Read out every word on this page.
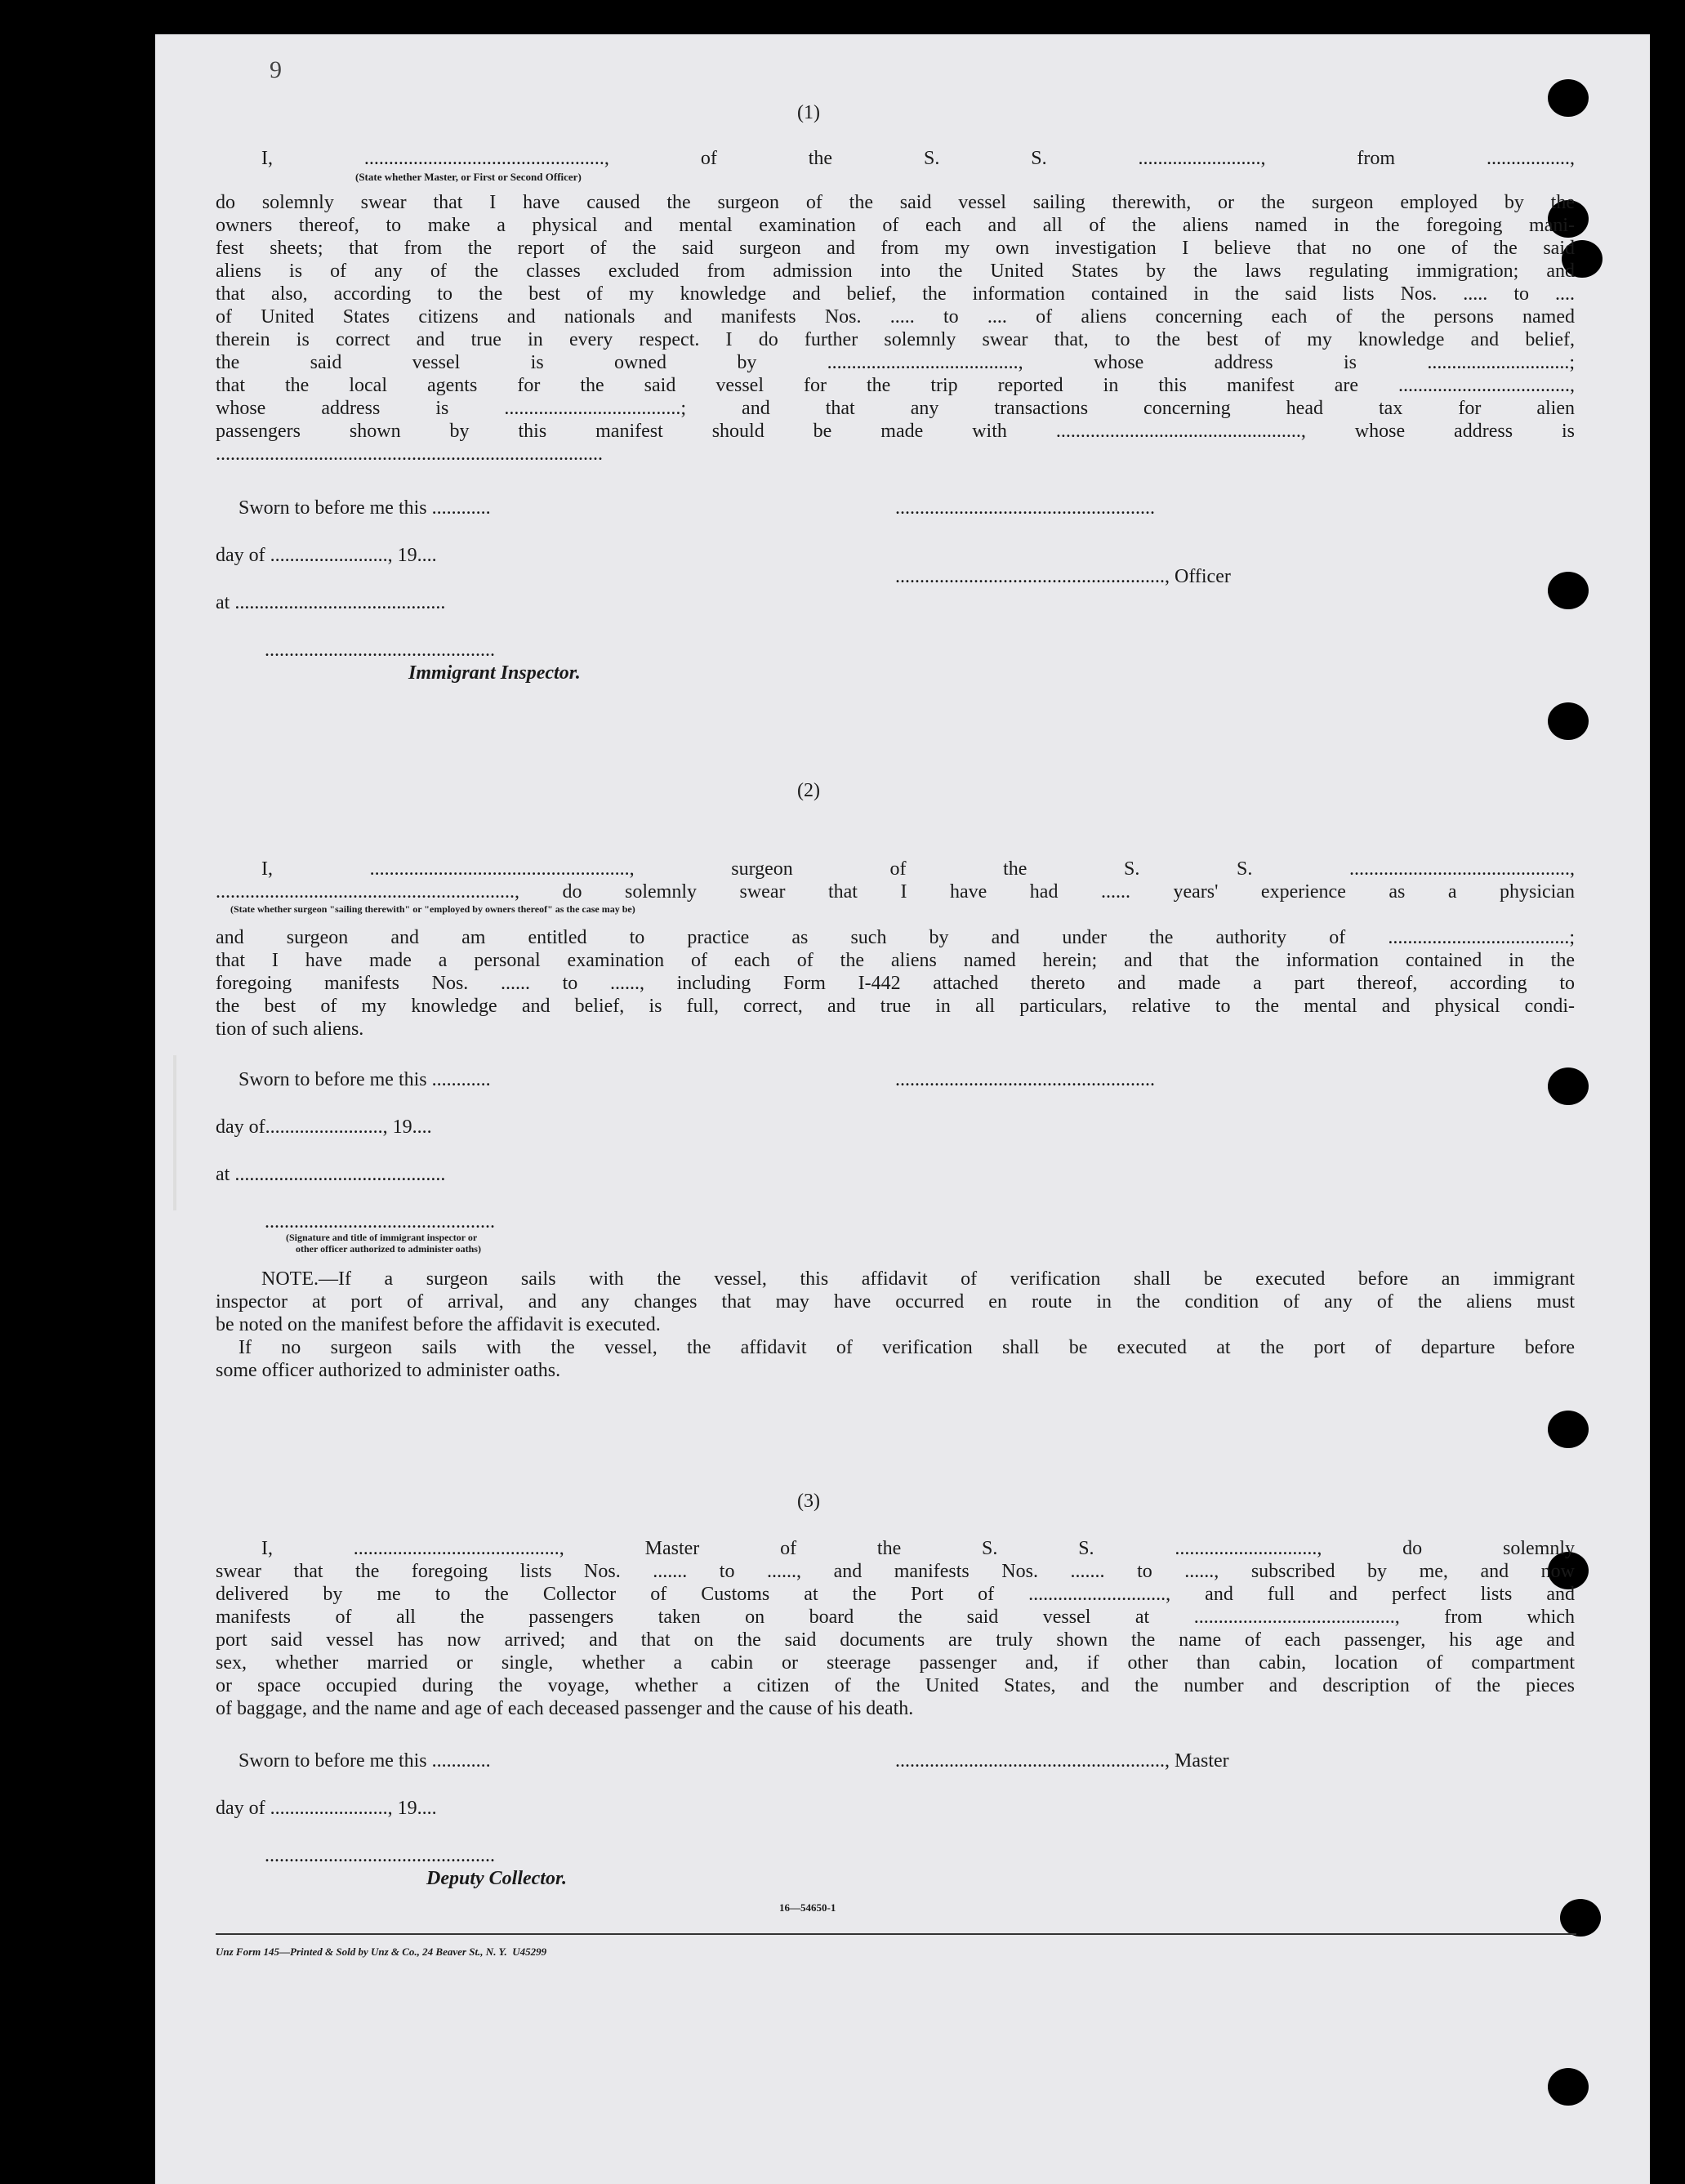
9
(1)
I, ................................................., of the S. S. ........................., from .................,
(State whether Master, or First or Second Officer)
do solemnly swear that I have caused the surgeon of the said vessel sailing therewith, or the surgeon employed by the
owners thereof, to make a physical and mental examination of each and all of the aliens named in the foregoing mani-
fest sheets; that from the report of the said surgeon and from my own investigation I believe that no one of the said
aliens is of any of the classes excluded from admission into the United States by the laws regulating immigration; and
that also, according to the best of my knowledge and belief, the information contained in the said lists Nos. ..... to ....
of United States citizens and nationals and manifests Nos. ..... to .... of aliens concerning each of the persons named
therein is correct and true in every respect. I do further solemnly swear that, to the best of my knowledge and belief,
the said vessel is owned by ......................................., whose address is .............................;
that the local agents for the said vessel for the trip reported in this manifest are ...................................,
whose address is ....................................; and that any transactions concerning head tax for alien
passengers shown by this manifest should be made with .................................................., whose address is
...............................................................................
Sworn to before me this ............	.....................................................
day of ........................, 19....
......................................................., Officer
at ...........................................
...............................................
Immigrant Inspector.
(2)
I, ....................................................., surgeon of the S. S. .............................................,
............................................................., do solemnly swear that I have had ...... years' experience as a physician
(State whether surgeon "sailing therewith" or "employed by owners thereof" as the case may be)
and surgeon and am entitled to practice as such by and under the authority of .....................................;
that I have made a personal examination of each of the aliens named herein; and that the information contained in the
foregoing manifests Nos. ...... to ......, including Form I-442 attached thereto and made a part thereof, according to
the best of my knowledge and belief, is full, correct, and true in all particulars, relative to the mental and physical condi-
tion of such aliens.
Sworn to before me this ............	.....................................................
day of........................, 19....
at ...........................................
...............................................
(Signature and title of immigrant inspector or
other officer authorized to administer oaths)
NOTE.—If a surgeon sails with the vessel, this affidavit of verification shall be executed before an immigrant
inspector at port of arrival, and any changes that may have occurred en route in the condition of any of the aliens must
be noted on the manifest before the affidavit is executed.
If no surgeon sails with the vessel, the affidavit of verification shall be executed at the port of departure before
some officer authorized to administer oaths.
(3)
I, .........................................., Master of the S. S. ............................., do solemnly
swear that the foregoing lists Nos. ....... to ......, and manifests Nos. ....... to ......, subscribed by me, and now
delivered by me to the Collector of Customs at the Port of ............................, and full and perfect lists and
manifests of all the passengers taken on board the said vessel at ........................................., from which
port said vessel has now arrived; and that on the said documents are truly shown the name of each passenger, his age and
sex, whether married or single, whether a cabin or steerage passenger and, if other than cabin, location of compartment
or space occupied during the voyage, whether a citizen of the United States, and the number and description of the pieces
of baggage, and the name and age of each deceased passenger and the cause of his death.
Sworn to before me this ............	......................................................., Master
day of ........................, 19....
...............................................
Deputy Collector.
16—54650-1
Unz Form 145—Printed & Sold by Unz & Co., 24 Beaver St., N. Y.  U45299
